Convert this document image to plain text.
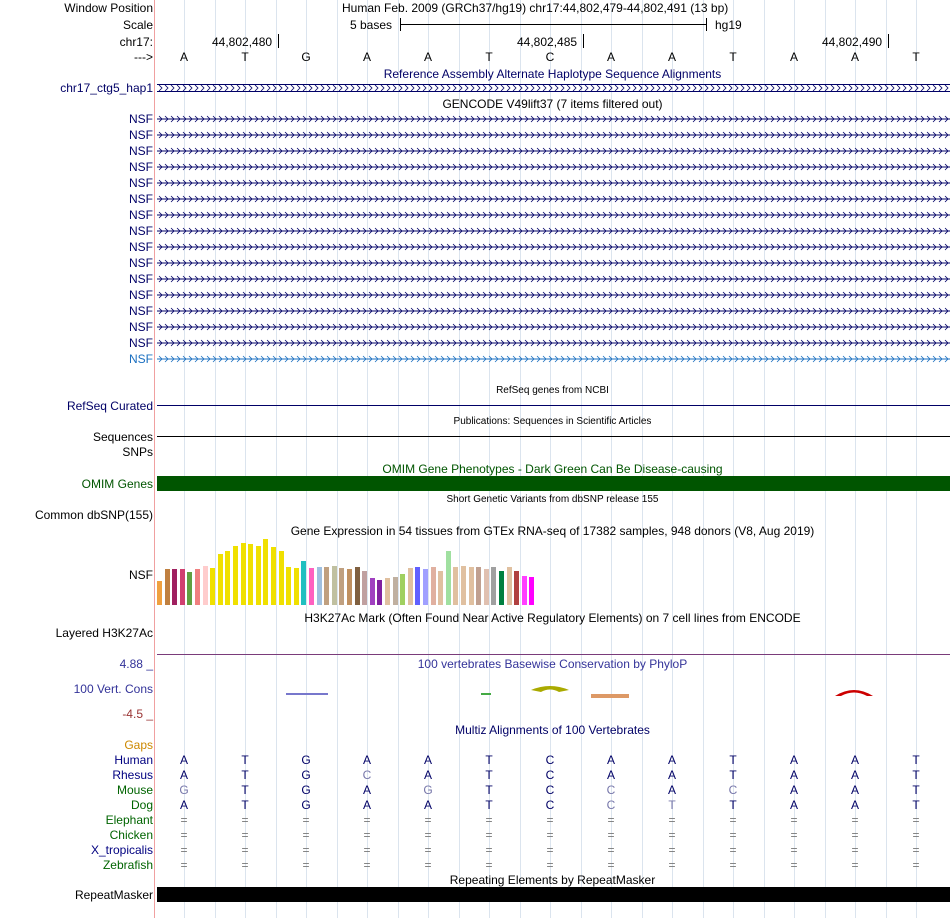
Window Position	Human Feb. 2009 (GRCh37/hg19) chr17:44,802,479-44,802,491 (13 bp)
Scale	5 bases	hg19
chr17:	44,802,480	44,802,485	44,802,490
--->	A	T	G	A	A	T	C	A	A	T	A	A	T
Reference Assembly Alternate Haplotype Sequence Alignments
chr17_ctg5_hap1
GENCODE V49lift37 (7 items filtered out)
NSF
NSF
NSF
NSF
NSF
NSF
NSF
NSF
NSF
NSF
NSF
NSF
NSF
NSF
NSF
NSF
RefSeq genes from NCBI
RefSeq Curated
Publications: Sequences in Scientific Articles
Sequences
SNPs
OMIM Gene Phenotypes - Dark Green Can Be Disease-causing
OMIM Genes
Short Genetic Variants from dbSNP release 155
Common dbSNP(155)
Gene Expression in 54 tissues from GTEx RNA-seq of 17382 samples, 948 donors (V8, Aug 2019)
NSF
H3K27Ac Mark (Often Found Near Active Regulatory Elements) on 7 cell lines from ENCODE
Layered H3K27Ac
100 vertebrates Basewise Conservation by PhyloP
4.88 _
100 Vert. Cons
-4.5 _
Multiz Alignments of 100 Vertebrates
Gaps
Human	A	T	G	A	A	T	C	A	A	T	A	A	T
Rhesus	A	T	G	C	A	T	C	A	A	T	A	A	T
Mouse G	T	G	A	G	T	C	C	A	C	A	A	T
Dog	A	T	G	A	A	T	C	C	T	T	A	A	T
Elephant	=	=	=	=	=	=	=	=	=	=	=	=	=
Chicken	=	=	=	=	=	=	=	=	=	=	=	=	=
X_tropicalis	=	=	=	=	=	=	=	=	=	=	=	=	=
Zebrafish	=	=	=	=	=	=	=	=	=	=	=	=	=
Repeating Elements by RepeatMasker
RepeatMasker
